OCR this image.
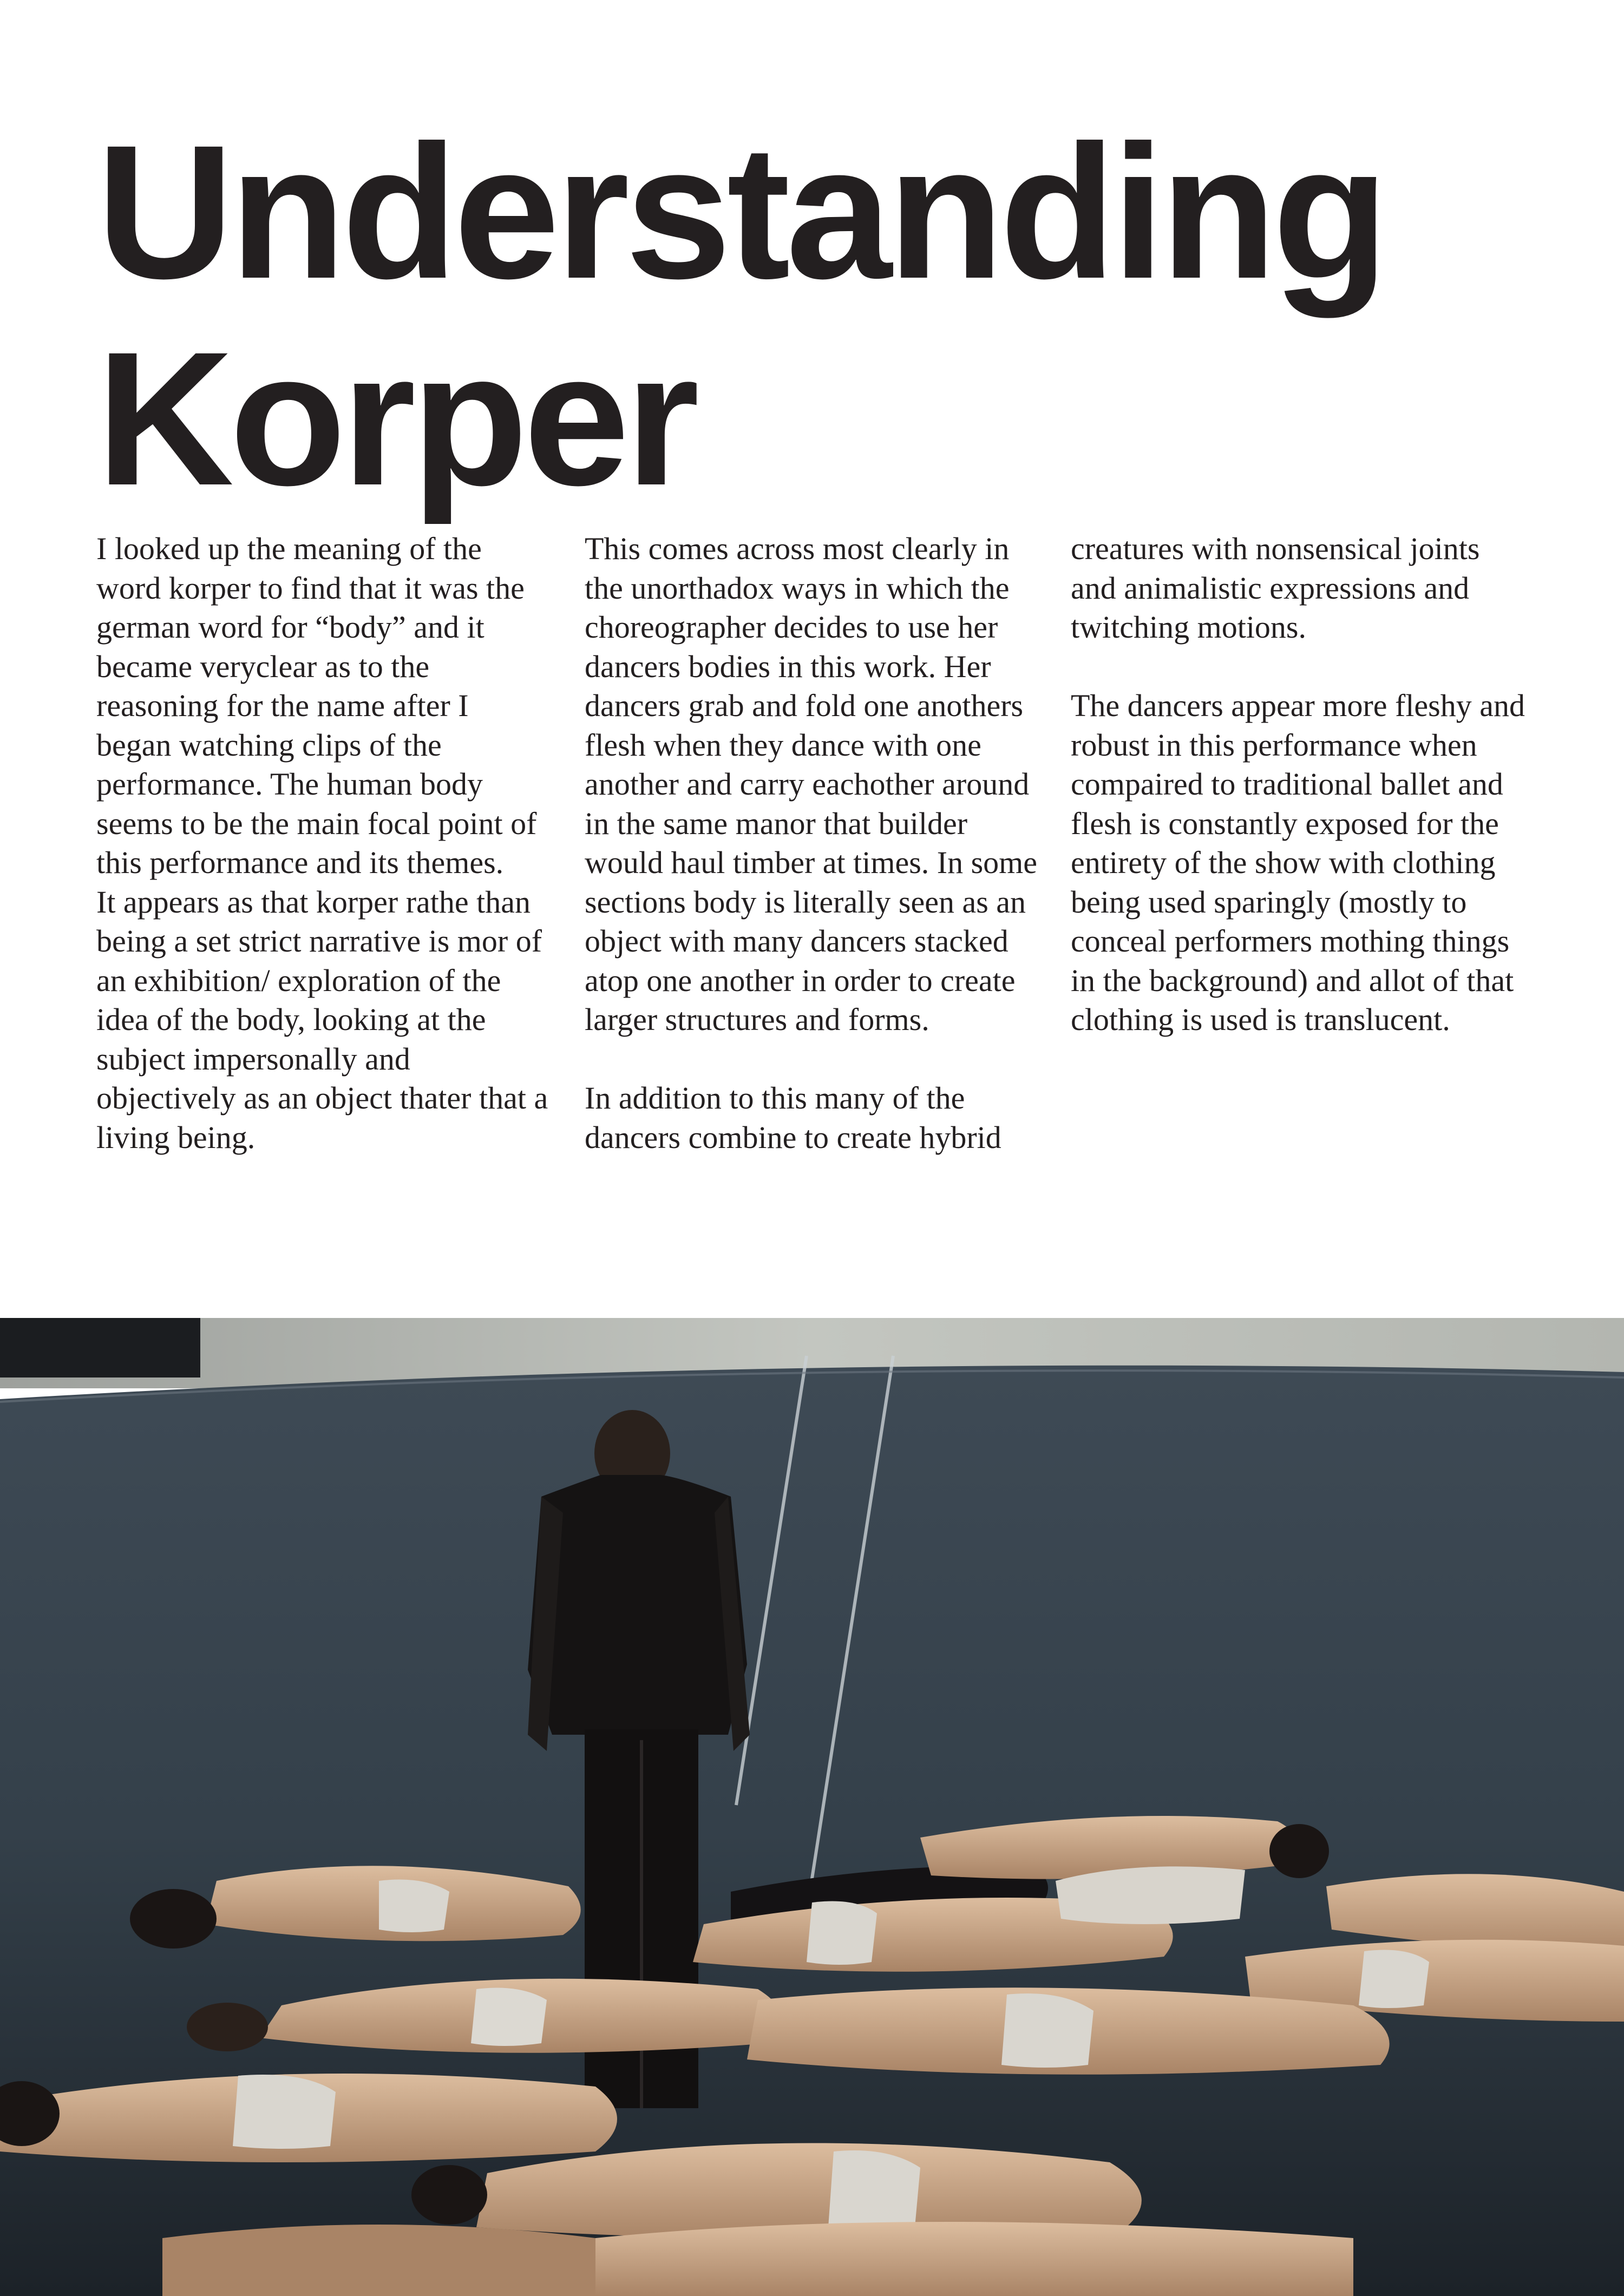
Understanding
Korper

I looked up the meaning of the word korper to find that it was the german word for “body” and it became veryclear as to the reasoning for the name after I began watching clips of the performance. The human body seems to be the main focal point of this performance and its themes.

It appears as that korper rathe than being a set strict narrative is mor of an exhibition/ exploration of the idea of the body, looking at the subject impersonally and objectively as an object thater that a living being.

This comes across most clearly in the unorthadox ways in which the choreographer decides to use her dancers bodies in this work. Her dancers grab and fold one anothers flesh when they dance with one another and carry eachother around in the same manor that builder would haul timber at times. In some sections body is literally seen as an object with many dancers stacked atop one another in order to create larger structures and forms.

In addition to this many of the dancers combine to create hybrid

creatures with nonsensical joints and animalistic expressions and twitching motions.

The dancers appear more fleshy and robust in this performance when compaired to traditional ballet and flesh is constantly exposed for the entirety of the show with clothing being used sparingly (mostly to conceal performers mothing things in the background) and allot of that clothing is used is translucent.
